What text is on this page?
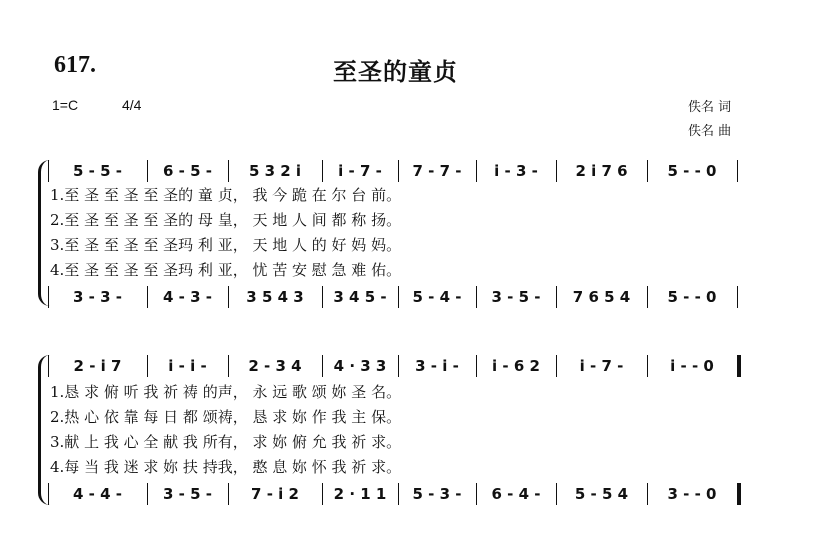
617.	至圣的童贞
1=C	4/4	佚名 词
佚名 曲
5 - 5 -	6 - 5 -	5 3 2 i	i - 7 -	7 - 7 -	i - 3 -	2 i 7 6	5 - - 0
1.至 圣 至 圣 至 圣的 童 贞， 我 今 跪 在 尔 台 前。
2.至 圣 至 圣 至 圣的 母 皇， 天 地 人 间 都 称 扬。
3.至 圣 至 圣 至 圣玛 利 亚， 天 地 人 的 好 妈 妈。
4.至 圣 至 圣 至 圣玛 利 亚， 忧 苦 安 慰 急 难 佑。
3 - 3 -	4 - 3 -	3 5 4 3	3 4 5 -	5 - 4 -	3 - 5 -	7 6 5 4	5 - - 0
2 - i 7	i - i -	2 - 3 4	4 · 3 3	3 - i -	i - 6 2	i - 7 -	i - - 0
1.恳 求 俯 听 我 祈 祷 的声， 永 远 歌 颂 妳 圣 名。
2.热 心 依 靠 每 日 都 颂祷， 恳 求 妳 作 我 主 保。
3.献 上 我 心 全 献 我 所有， 求 妳 俯 允 我 祈 求。
4.每 当 我 迷 求 妳 扶 持我， 憨 息 妳 怀 我 祈 求。
4 - 4 -	3 - 5 -	7 - i 2	2 · 1 1	5 - 3 -	6 - 4 -	5 - 5 4	3 - - 0
